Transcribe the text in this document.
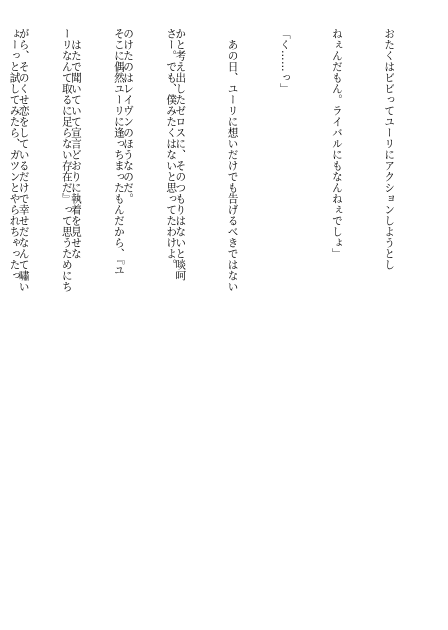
おたくはビビってユーリにアクションしようとし

ねぇんだもん。ライバルにもなんねぇでしょ」

「く……っ」

　あの日、ユーリに想いだけでも告げるべきではない

かと考え出したゼロスに、そのつもりはないと啖呵

のけたのはレイヴンのほうなのだ。

　はたで聞いていて宣言どおりに執着を見せな

がら、そのくせ恋をしているだけで幸せだなんて嘯い

	さー。でも、僕みたくはないと思ってたわけよ。

そこに偶然ユーリに逢っちまったもんだから、『ユ

ーリなんて取るに足らない存在だ』って思うためにち

ょーっと試してみたら、ガツンとやられちゃったっ
